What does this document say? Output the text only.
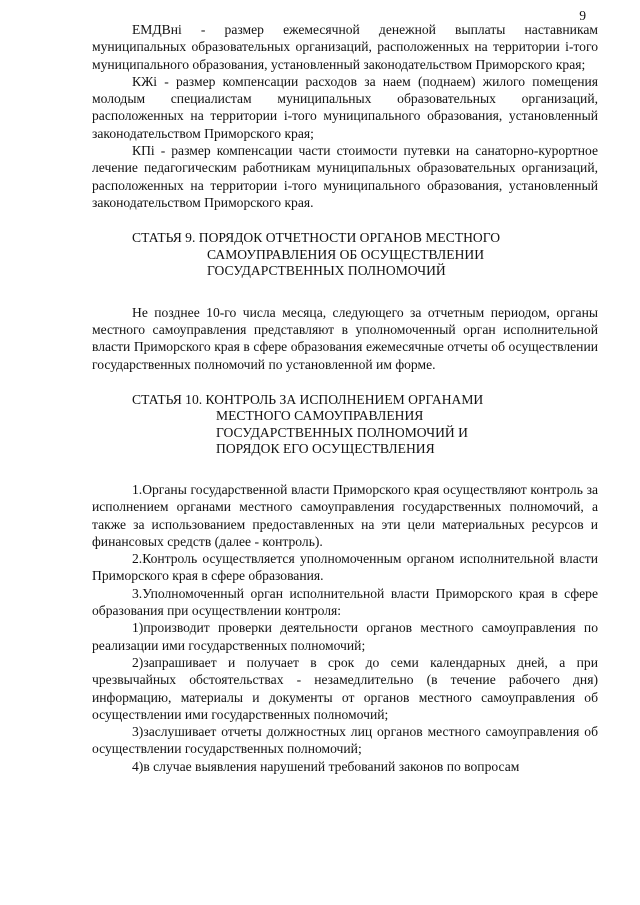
9

ЕМДВні - размер ежемесячной денежной выплаты наставникам муниципальных образовательных организаций, расположенных на территории і-того муниципального образования, установленный законодательством Приморского края;

КЖі - размер компенсации расходов за наем (поднаем) жилого помещения молодым специалистам муниципальных образовательных организаций, расположенных на территории і-того муниципального образования, установленный законодательством Приморского края;

КПі - размер компенсации части стоимости путевки на санаторно-курортное лечение педагогическим работникам муниципальных образовательных организаций, расположенных на территории і-того муниципального образования, установленный законодательством Приморского края.

СТАТЬЯ 9. ПОРЯДОК ОТЧЕТНОСТИ ОРГАНОВ МЕСТНОГО
САМОУПРАВЛЕНИЯ ОБ ОСУЩЕСТВЛЕНИИ
ГОСУДАРСТВЕННЫХ ПОЛНОМОЧИЙ

Не позднее 10-го числа месяца, следующего за отчетным периодом, органы местного самоуправления представляют в уполномоченный орган исполнительной власти Приморского края в сфере образования ежемесячные отчеты об осуществлении государственных полномочий по установленной им форме.

СТАТЬЯ 10. КОНТРОЛЬ ЗА ИСПОЛНЕНИЕМ ОРГАНАМИ
МЕСТНОГО САМОУПРАВЛЕНИЯ
ГОСУДАРСТВЕННЫХ ПОЛНОМОЧИЙ И
ПОРЯДОК ЕГО ОСУЩЕСТВЛЕНИЯ

1.Органы государственной власти Приморского края осуществляют контроль за исполнением органами местного самоуправления государственных полномочий, а также за использованием предоставленных на эти цели материальных ресурсов и финансовых средств (далее - контроль).

2.Контроль осуществляется уполномоченным органом исполнительной власти Приморского края в сфере образования.

3.Уполномоченный орган исполнительной власти Приморского края в сфере образования при осуществлении контроля:

1)производит проверки деятельности органов местного самоуправления по реализации ими государственных полномочий;

2)запрашивает и получает в срок до семи календарных дней, а при чрезвычайных обстоятельствах - незамедлительно (в течение рабочего дня) информацию, материалы и документы от органов местного самоуправления об осуществлении ими государственных полномочий;

3)заслушивает отчеты должностных лиц органов местного самоуправления об осуществлении государственных полномочий;

4)в случае выявления нарушений требований законов по вопросам
